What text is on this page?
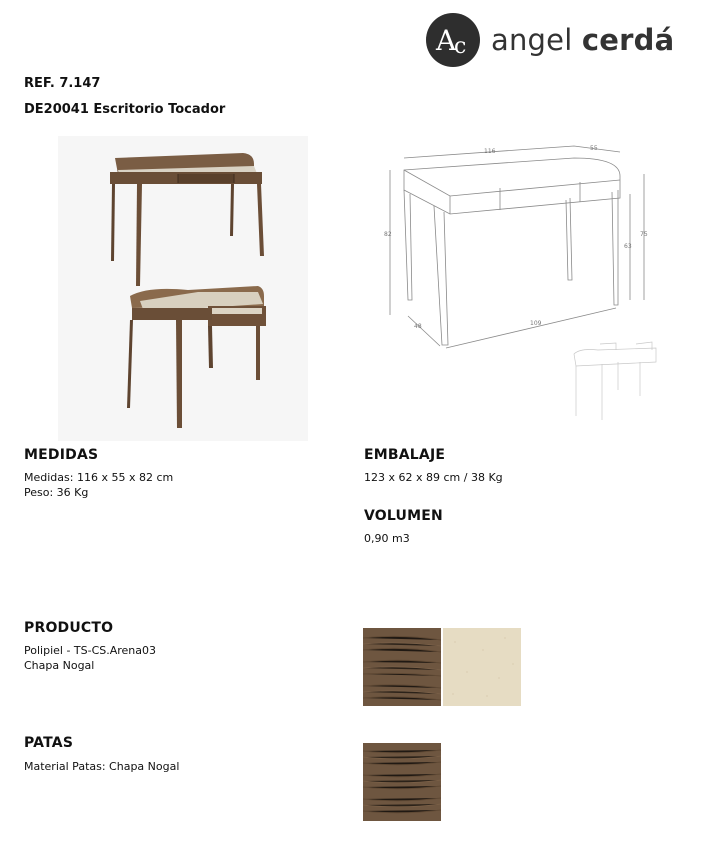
A
c angel cerdá
REF. 7.147
DE20041 Escritorio Tocador
116	55
82
63
75
48	109
MEDIDAS
Medidas: 116 x 55 x 82 cm
Peso: 36 Kg
EMBALAJE
123 x 62 x 89 cm / 38 Kg
VOLUMEN
0,90 m3
PRODUCTO
Polipiel - TS-CS.Arena03
Chapa Nogal
PATAS
Material Patas: Chapa Nogal
